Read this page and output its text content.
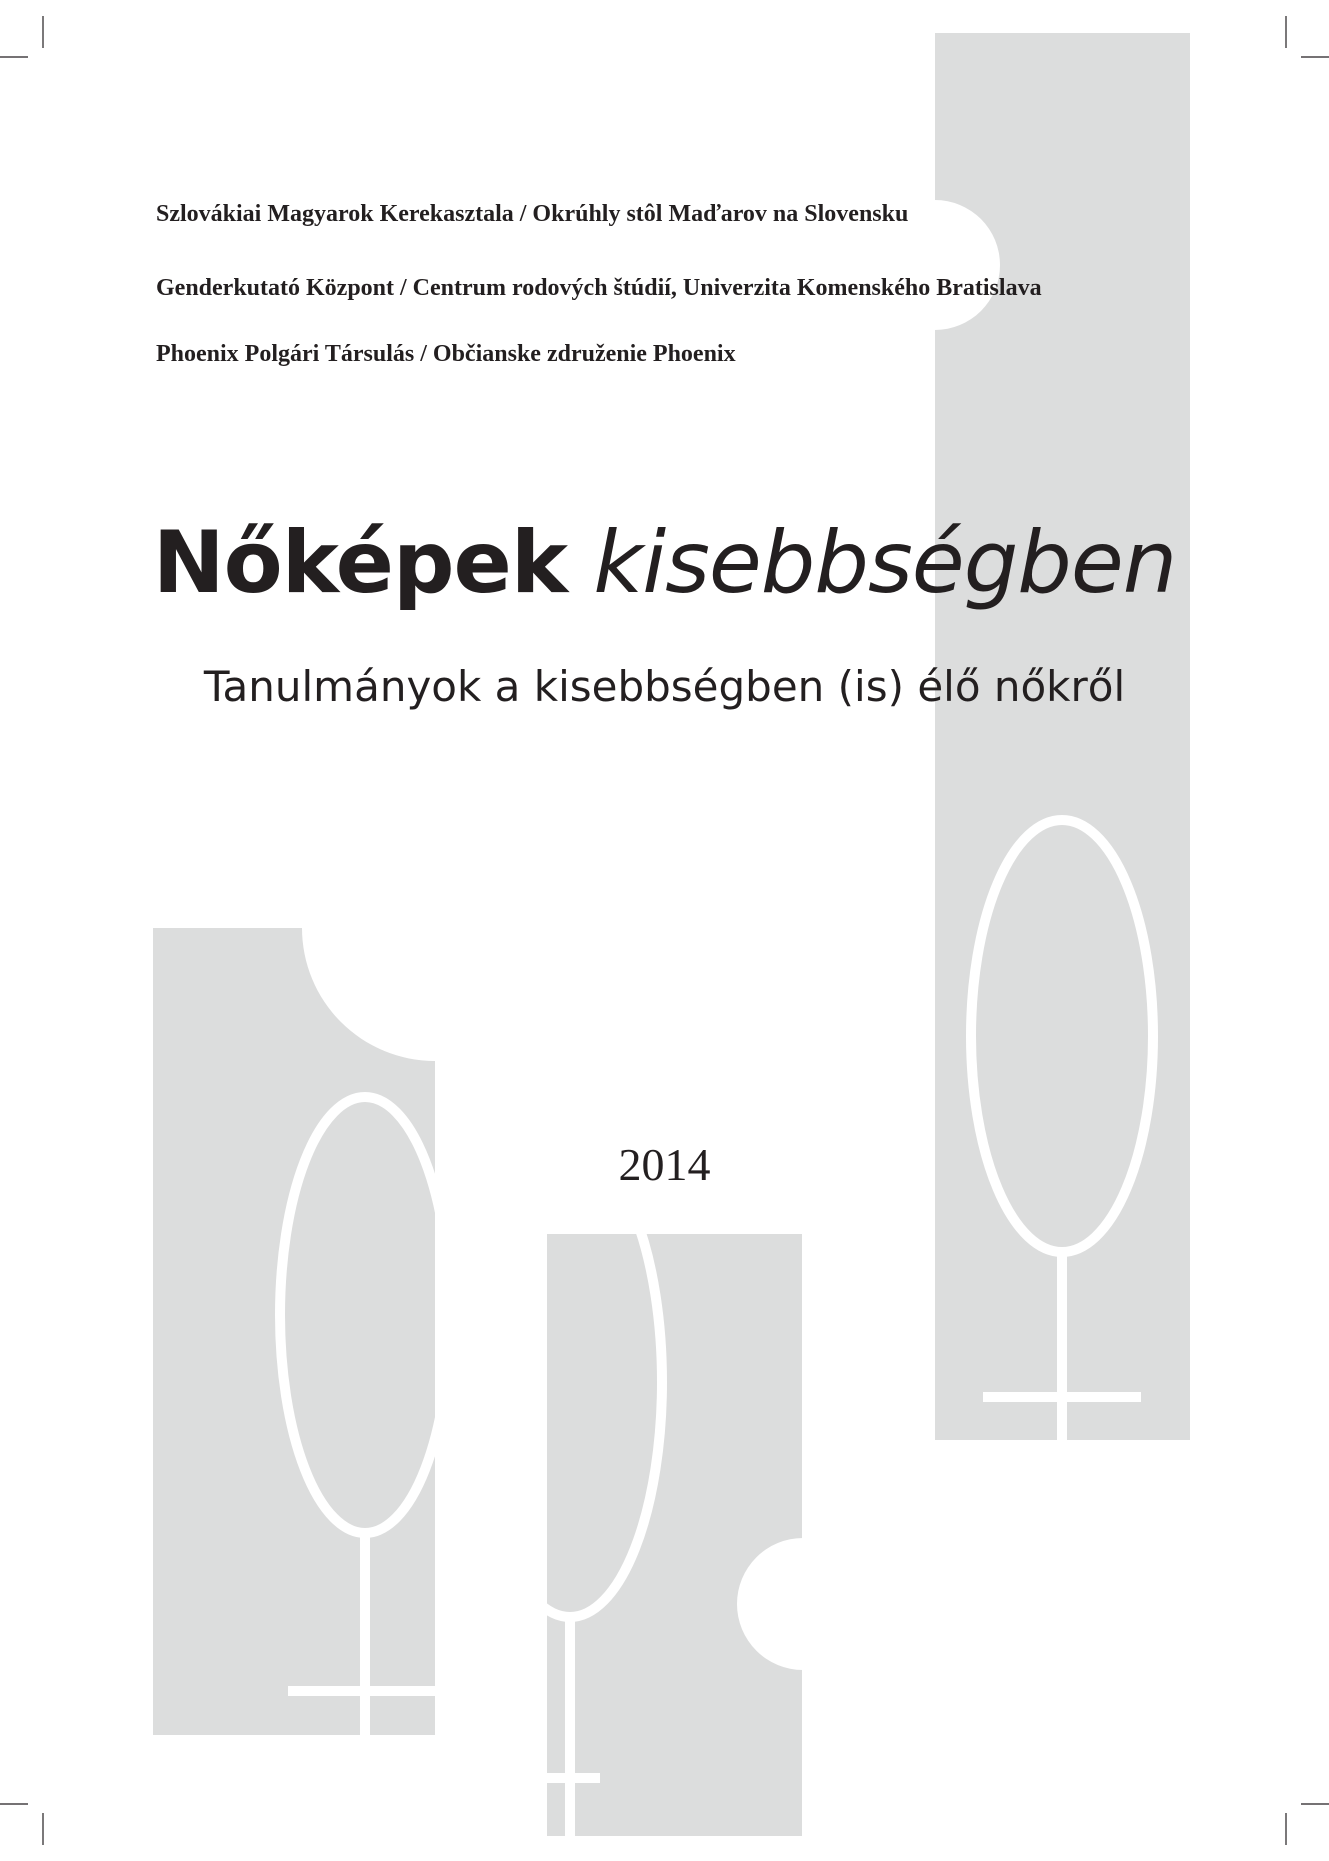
Szlovákiai Magyarok Kerekasztala / Okrúhly stôl Maďarov na Slovensku
Genderkutató Központ / Centrum rodových štúdií, Univerzita Komenského Bratislava
Phoenix Polgári Társulás / Občianske združenie Phoenix
Nőképek kisebbségben
Tanulmányok a kisebbségben (is) élő nőkről
2014
